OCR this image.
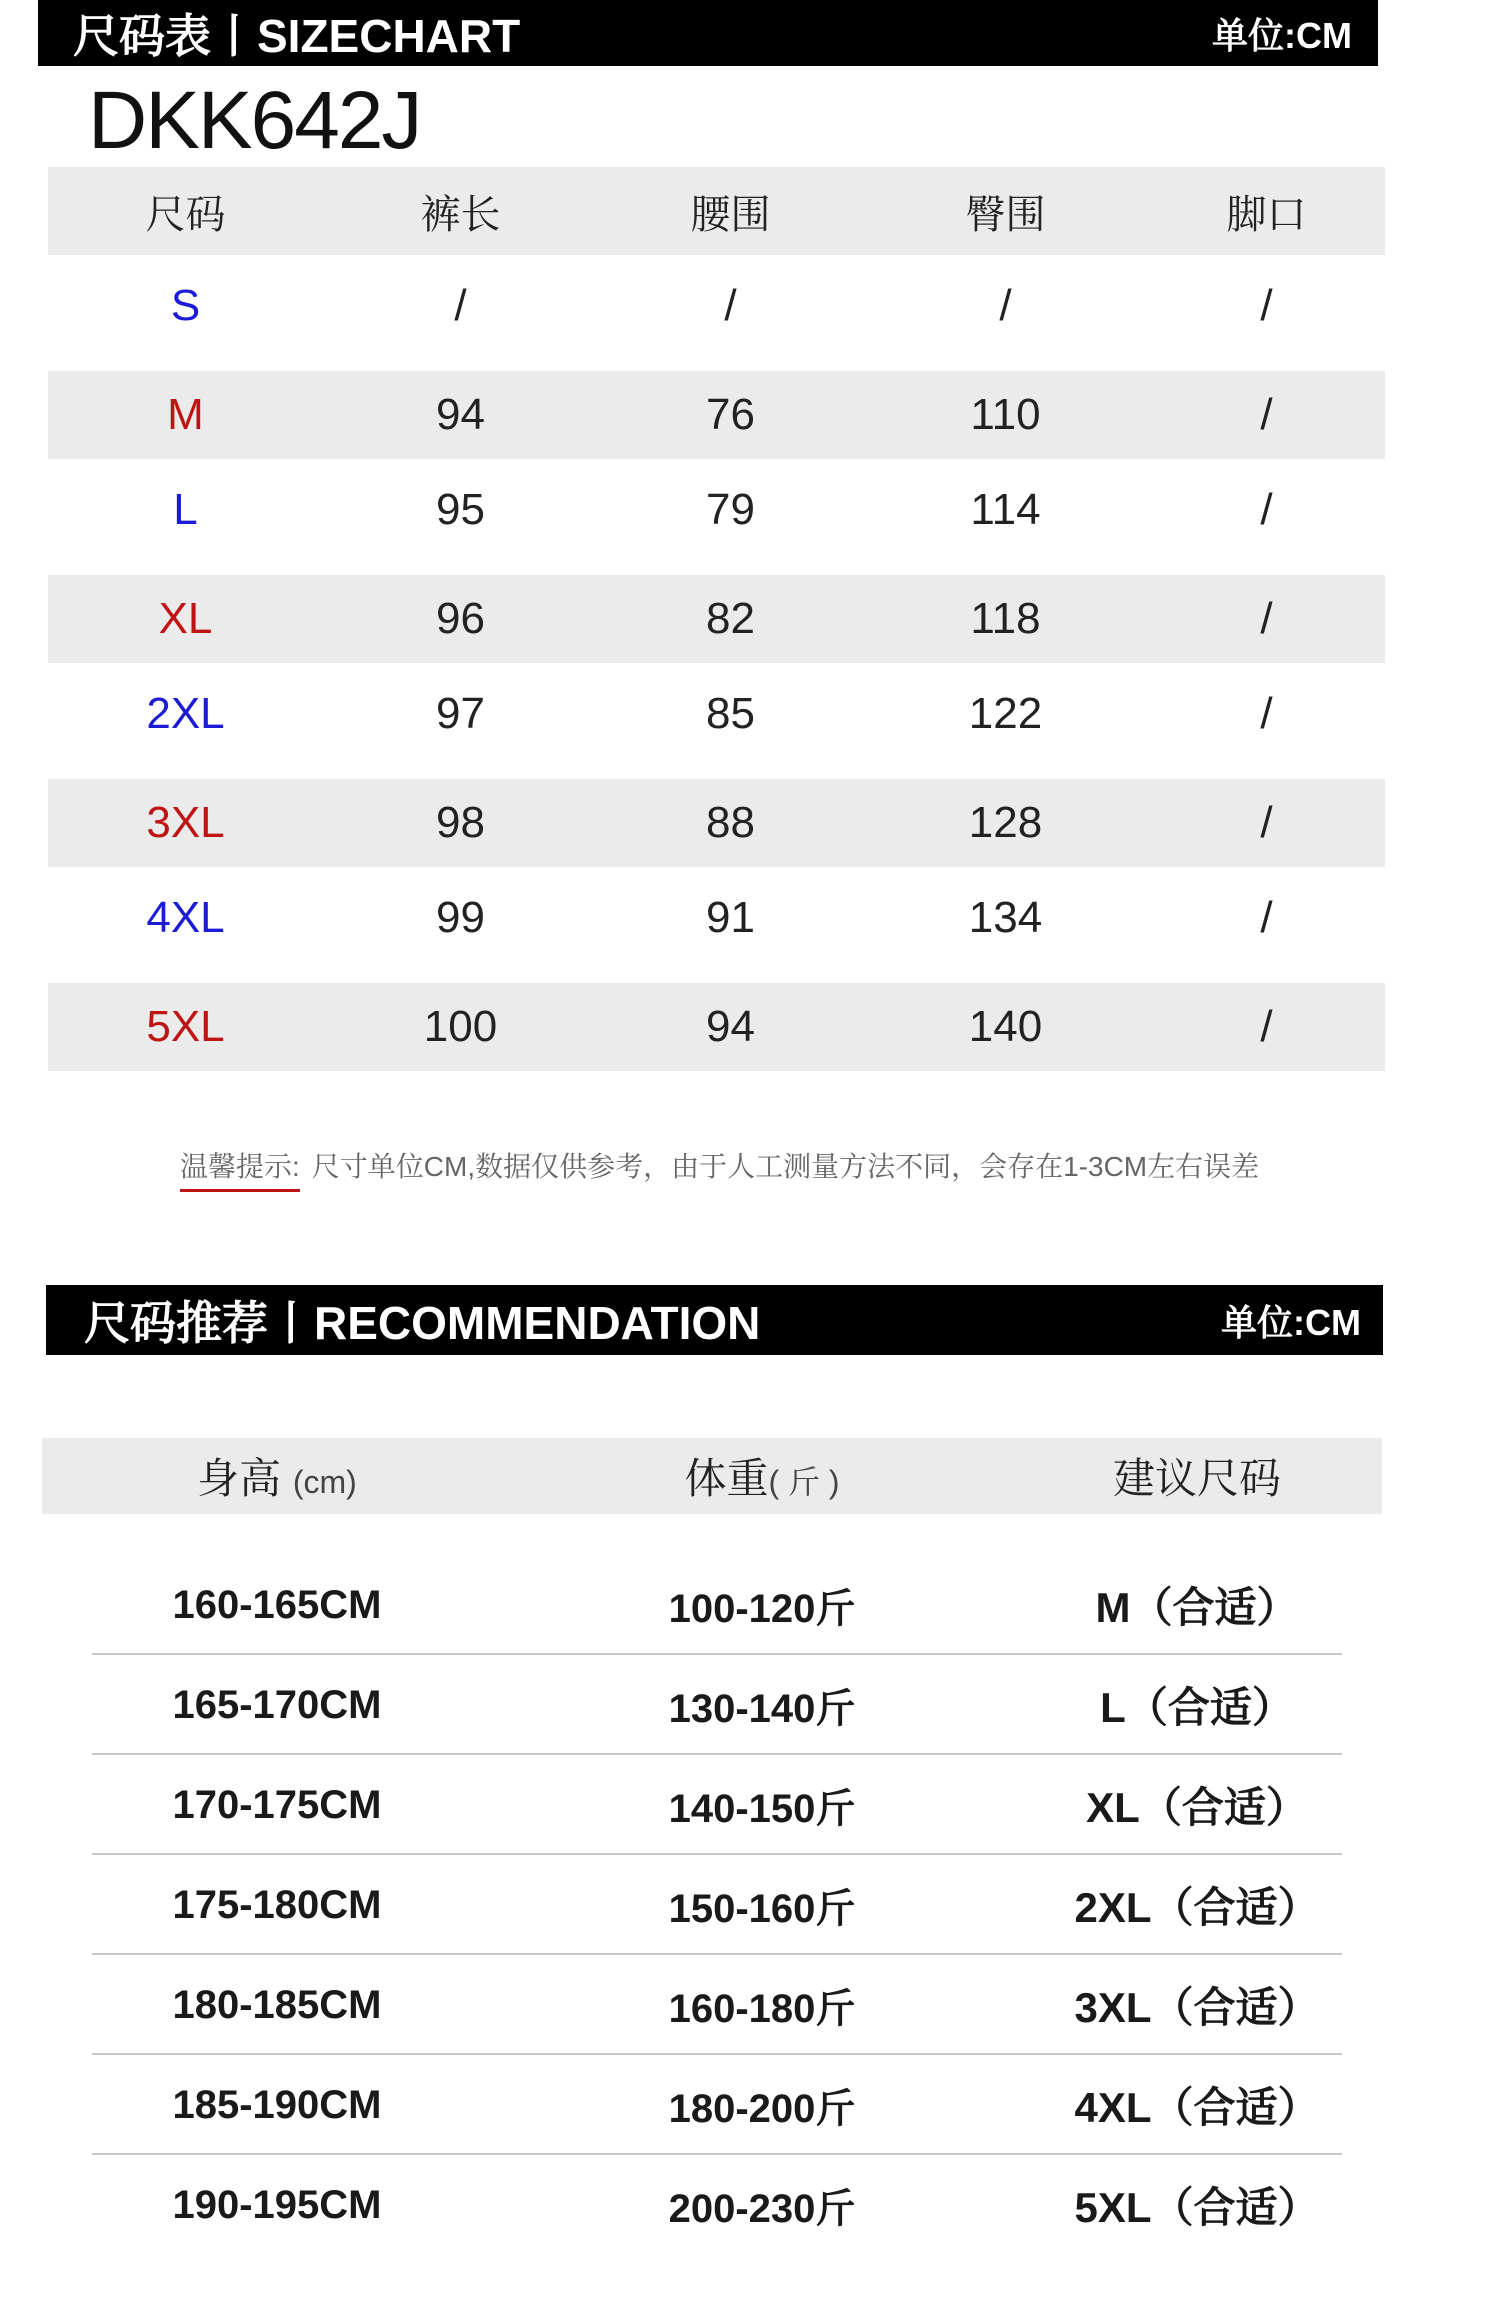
尺码表丨SIZECHART	单位:CM
DKK642J
尺码	裤长	腰围	臀围	脚口
S	/	/	/	/
M	94	76	110	/
L	95	79	114	/
XL	96	82	118	/
2XL	97	85	122	/
3XL	98	88	128	/
4XL	99	91	134	/
5XL	100	94	140	/
温馨提示: 尺寸单位CM,数据仅供参考，由于人工测量方法不同，会存在1-3CM左右误差
尺码推荐丨RECOMMENDATION	单位:CM
身高 (cm)	体重( 斤 )	建议尺码
160-165CM	100-120斤	M（合适）
165-170CM	130-140斤	L（合适）
170-175CM	140-150斤	XL（合适）
175-180CM	150-160斤	2XL（合适）
180-185CM	160-180斤	3XL（合适）
185-190CM	180-200斤	4XL（合适）
190-195CM	200-230斤	5XL（合适）
